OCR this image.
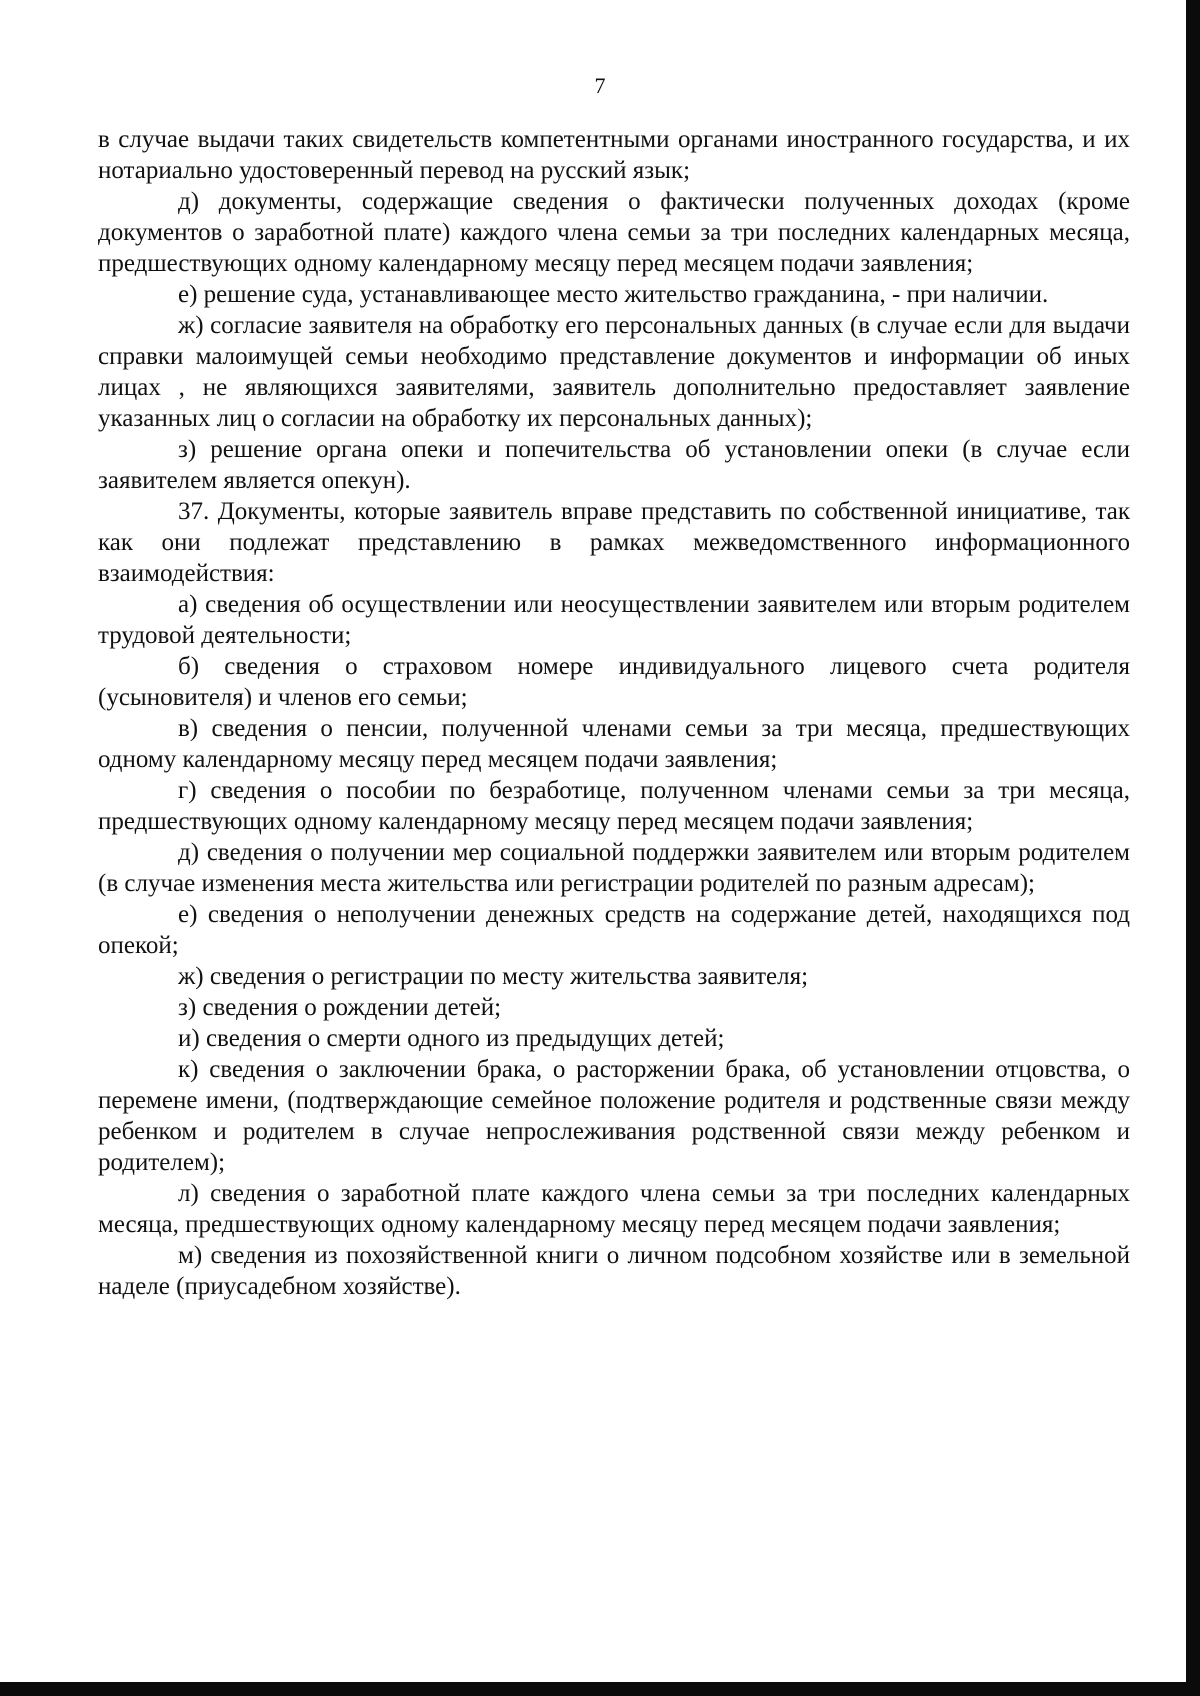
7

в случае выдачи таких свидетельств компетентными органами иностранного государства, и их нотариально удостоверенный перевод на русский язык;

д) документы, содержащие сведения о фактически полученных доходах (кроме документов о заработной плате) каждого члена семьи за три последних календарных месяца, предшествующих одному календарному месяцу перед месяцем подачи заявления;

е) решение суда, устанавливающее место жительство гражданина, - при наличии.

ж) согласие заявителя на обработку его персональных данных (в случае если для выдачи справки малоимущей семьи необходимо представление документов и информации об иных лицах , не являющихся заявителями, заявитель дополнительно предоставляет заявление указанных лиц о согласии на обработку их персональных данных);

з) решение органа опеки и попечительства об установлении опеки (в случае если заявителем является опекун).

37. Документы, которые заявитель вправе представить по собственной инициативе, так как они подлежат представлению в рамках межведомственного информационного взаимодействия:

а) сведения об осуществлении или неосуществлении заявителем или вторым родителем трудовой деятельности;

б) сведения о страховом номере индивидуального лицевого счета родителя (усыновителя) и членов его семьи;

в) сведения о пенсии, полученной членами семьи за три месяца, предшествующих одному календарному месяцу перед месяцем подачи заявления;

г) сведения о пособии по безработице, полученном членами семьи за три месяца, предшествующих одному календарному месяцу перед месяцем подачи заявления;

д) сведения о получении мер социальной поддержки заявителем или вторым родителем (в случае изменения места жительства или регистрации родителей по разным адресам);

е) сведения о неполучении денежных средств на содержание детей, находящихся под опекой;

ж) сведения о регистрации по месту жительства заявителя;

з) сведения о рождении детей;

и) сведения о смерти одного из предыдущих детей;

к) сведения о заключении брака, о расторжении брака, об установлении отцовства, о перемене имени, (подтверждающие семейное положение родителя и родственные связи между ребенком и родителем в случае непрослеживания родственной связи между ребенком и родителем);

л) сведения о заработной плате каждого члена семьи за три последних календарных месяца, предшествующих одному календарному месяцу перед месяцем подачи заявления;

м) сведения из похозяйственной книги о личном подсобном хозяйстве или в земельной наделе (приусадебном хозяйстве).
